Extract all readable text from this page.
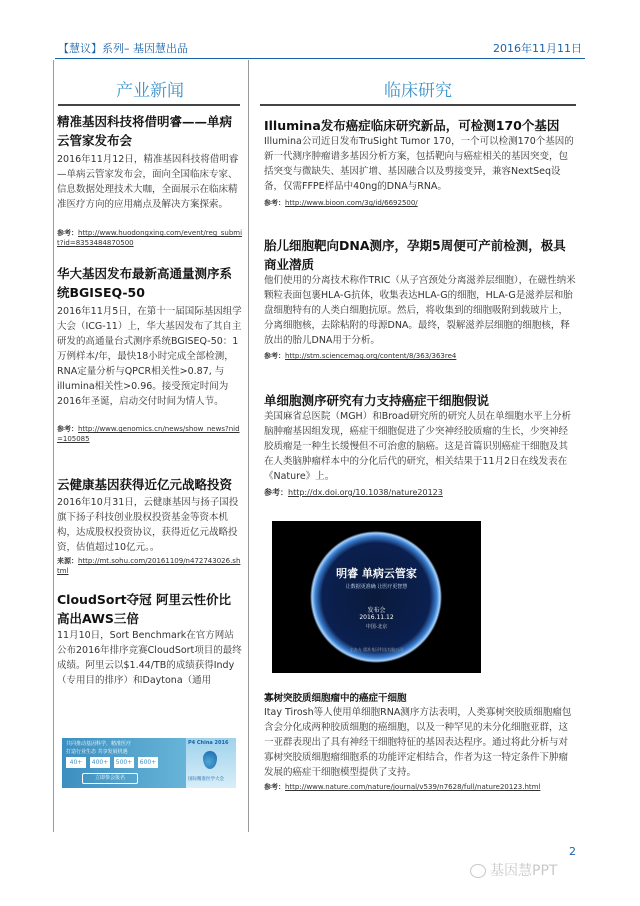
【慧议】系列– 基因慧出品	2016年11月11日
产业新闻
精准基因科技将借明睿——单病云管家发布会
2016年11月12日，精准基因科技将借明睿—单病云管家发布会，面向全国临床专家、信息数据处理技术大咖，全面展示在临床精准医疗方向的应用痛点及解决方案探索。
参考：http://www.huodongxing.com/event/reg_submit?id=8353484870500
华大基因发布最新高通量测序系统BGISEQ-50
2016年11月5日，在第十一届国际基因组学大会（ICG-11）上，华大基因发布了其自主研发的高通量台式测序系统BGISEQ-50：1万例样本/年，最快18小时完成全部检测，RNA定量分析与QPCR相关性>0.87, 与illumina相关性>0.96。接受预定时间为2016年圣诞，启动交付时间为情人节。
参考：http://www.genomics.cn/news/show_news?nid=105085
云健康基因获得近亿元战略投资
2016年10月31日，云健康基因与扬子国投旗下扬子科技创业股权投资基金等资本机构，达成股权投资协议，获得近亿元战略投资，估值超过10亿元。。
来源：http://mt.sohu.com/20161109/n472743026.shtml
CloudSort夺冠 阿里云性价比高出AWS三倍
11月10日，Sort Benchmark在官方网站公布2016年排序竞赛CloudSort项目的最终成绩。阿里云以$1.44/TB的成绩获得Indy（专用目的排序）和Daytona（通用
共同推动基因科学，精准医疗
打造行业生态 共享发展机遇
40+	400+ 500+ 600+
立即参会报名
P4 China 2016
国际精准医学大会
临床研究
Illumina发布癌症临床研究新品，可检测170个基因
Illumina公司近日发布TruSight Tumor 170，一个可以检测170个基因的新一代测序肿瘤谱多基因分析方案，包括靶向与癌症相关的基因突变，包括突变与微缺失、基因扩增、基因融合以及剪接变异，兼容NextSeq设备，仅需FFPE样品中40ng的DNA与RNA。
参考：http://www.bioon.com/3g/id/6692500/
胎儿细胞靶向DNA测序，孕期5周便可产前检测，极具商业潜质
他们使用的分离技术称作TRIC（从子宫颈处分离滋养层细胞），在磁性纳米颗粒表面包裹HLA-G抗体，收集表达HLA-G的细胞，HLA-G是滋养层和胎盘细胞特有的人类白细胞抗原。然后，将收集到的细胞吸附到载玻片上，分离细胞核，去除粘附的母源DNA。最终，裂解滋养层细胞的细胞核，释放出的胎儿DNA用于分析。
参考：http://stm.sciencemag.org/content/8/363/363re4
单细胞测序研究有力支持癌症干细胞假说
美国麻省总医院（MGH）和Broad研究所的研究人员在单细胞水平上分析脑肿瘤基因组发现，癌症干细胞促进了少突神经胶质瘤的生长，少突神经胶质瘤是一种生长缓慢但不可治愈的脑癌。这是首篇识别癌症干细胞及其在人类脑肿瘤样本中的分化后代的研究，相关结果于11月2日在线发表在《Nature》上。
参考：http://dx.doi.org/10.1038/nature20123
明睿 单病云管家
让数据更准确 让医疗更智慧
发布会
2016.11.12
中国·北京
主办方 精准基因科技有限公司
寡树突胶质细胞瘤中的癌症干细胞
Itay Tirosh等人使用单细胞RNA测序方法表明，人类寡树突胶质细胞瘤包含会分化成两种胶质细胞的癌细胞，以及一种罕见的未分化细胞亚群，这一亚群表现出了具有神经干细胞特征的基因表达程序。通过将此分析与对寡树突胶质细胞瘤细胞系的功能评定相结合，作者为这一特定条件下肿瘤发展的癌症干细胞模型提供了支持。
参考：http://www.nature.com/nature/journal/v539/n7628/full/nature20123.html
2
基因慧PPT
